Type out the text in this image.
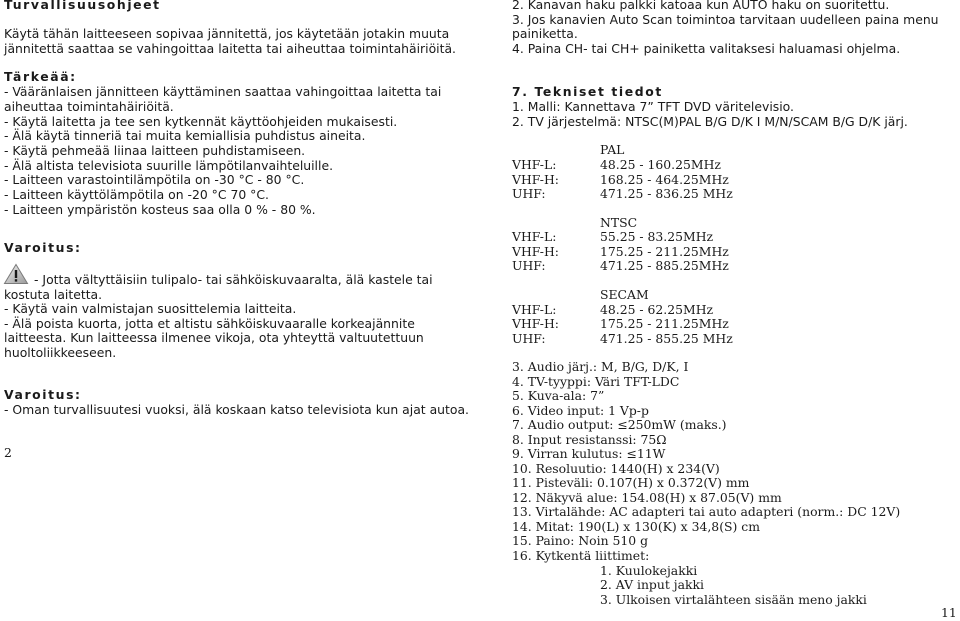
Turvallisuusohjeet
Käytä tähän laitteeseen sopivaa jännitettä, jos käytetään jotakin muuta
jännitettä saattaa se vahingoittaa laitetta tai aiheuttaa toimintahäiriöitä.
Tärkeää:
- Vääränlaisen jännitteen käyttäminen saattaa vahingoittaa laitetta tai
aiheuttaa toimintahäiriöitä.
- Käytä laitetta ja tee sen kytkennät käyttöohjeiden mukaisesti.
- Älä käytä tinneriä tai muita kemiallisia puhdistus aineita.
- Käytä pehmeää liinaa laitteen puhdistamiseen.
- Älä altista televisiota suurille lämpötilanvaihteluille.
- Laitteen varastointilämpötila on -30 °C - 80 °C.
- Laitteen käyttölämpötila on -20 °C 70 °C.
- Laitteen ympäristön kosteus saa olla 0 % - 80 %.
Varoitus:
- Jotta vältyttäisiin tulipalo- tai sähköiskuvaaralta, älä kastele tai
kostuta laitetta.
- Käytä vain valmistajan suosittelemia laitteita.
- Älä poista kuorta, jotta et altistu sähköiskuvaaralle korkeajännite
laitteesta. Kun laitteessa ilmenee vikoja, ota yhteyttä valtuutettuun
huoltoliikkeeseen.
Varoitus:
- Oman turvallisuutesi vuoksi, älä koskaan katso televisiota kun ajat autoa.
2
2. Kanavan haku palkki katoaa kun AUTO haku on suoritettu.
3. Jos kanavien Auto Scan toimintoa tarvitaan uudelleen paina menu
painiketta.
4. Paina CH- tai CH+ painiketta valitaksesi haluamasi ohjelma.
7. Tekniset tiedot
1. Malli: Kannettava 7” TFT DVD väritelevisio.
2. TV järjestelmä: NTSC(M)PAL B/G D/K I M/N/SCAM B/G D/K järj.
PAL
VHF-L:	48.25 - 160.25MHz
VHF-H:	168.25 - 464.25MHz
UHF:	471.25 - 836.25 MHz
NTSC
VHF-L:	55.25 - 83.25MHz
VHF-H:	175.25 - 211.25MHz
UHF:	471.25 - 885.25MHz
SECAM
VHF-L:	48.25 - 62.25MHz
VHF-H:	175.25 - 211.25MHz
UHF:	471.25 - 855.25 MHz
3. Audio järj.: M, B/G, D/K, I
4. TV-tyyppi: Väri TFT-LDC
5. Kuva-ala: 7”
6. Video input: 1 Vp-p
7. Audio output: ≤250mW (maks.)
8. Input resistanssi: 75Ω
9. Virran kulutus: ≤11W
10. Resoluutio: 1440(H) x 234(V)
11. Pisteväli: 0.107(H) x 0.372(V) mm
12. Näkyvä alue: 154.08(H) x 87.05(V) mm
13. Virtalähde: AC adapteri tai auto adapteri (norm.: DC 12V)
14. Mitat: 190(L) x 130(K) x 34,8(S) cm
15. Paino: Noin 510 g
16. Kytkentä liittimet:
1. Kuulokejakki
2. AV input jakki
3. Ulkoisen virtalähteen sisään meno jakki
11
